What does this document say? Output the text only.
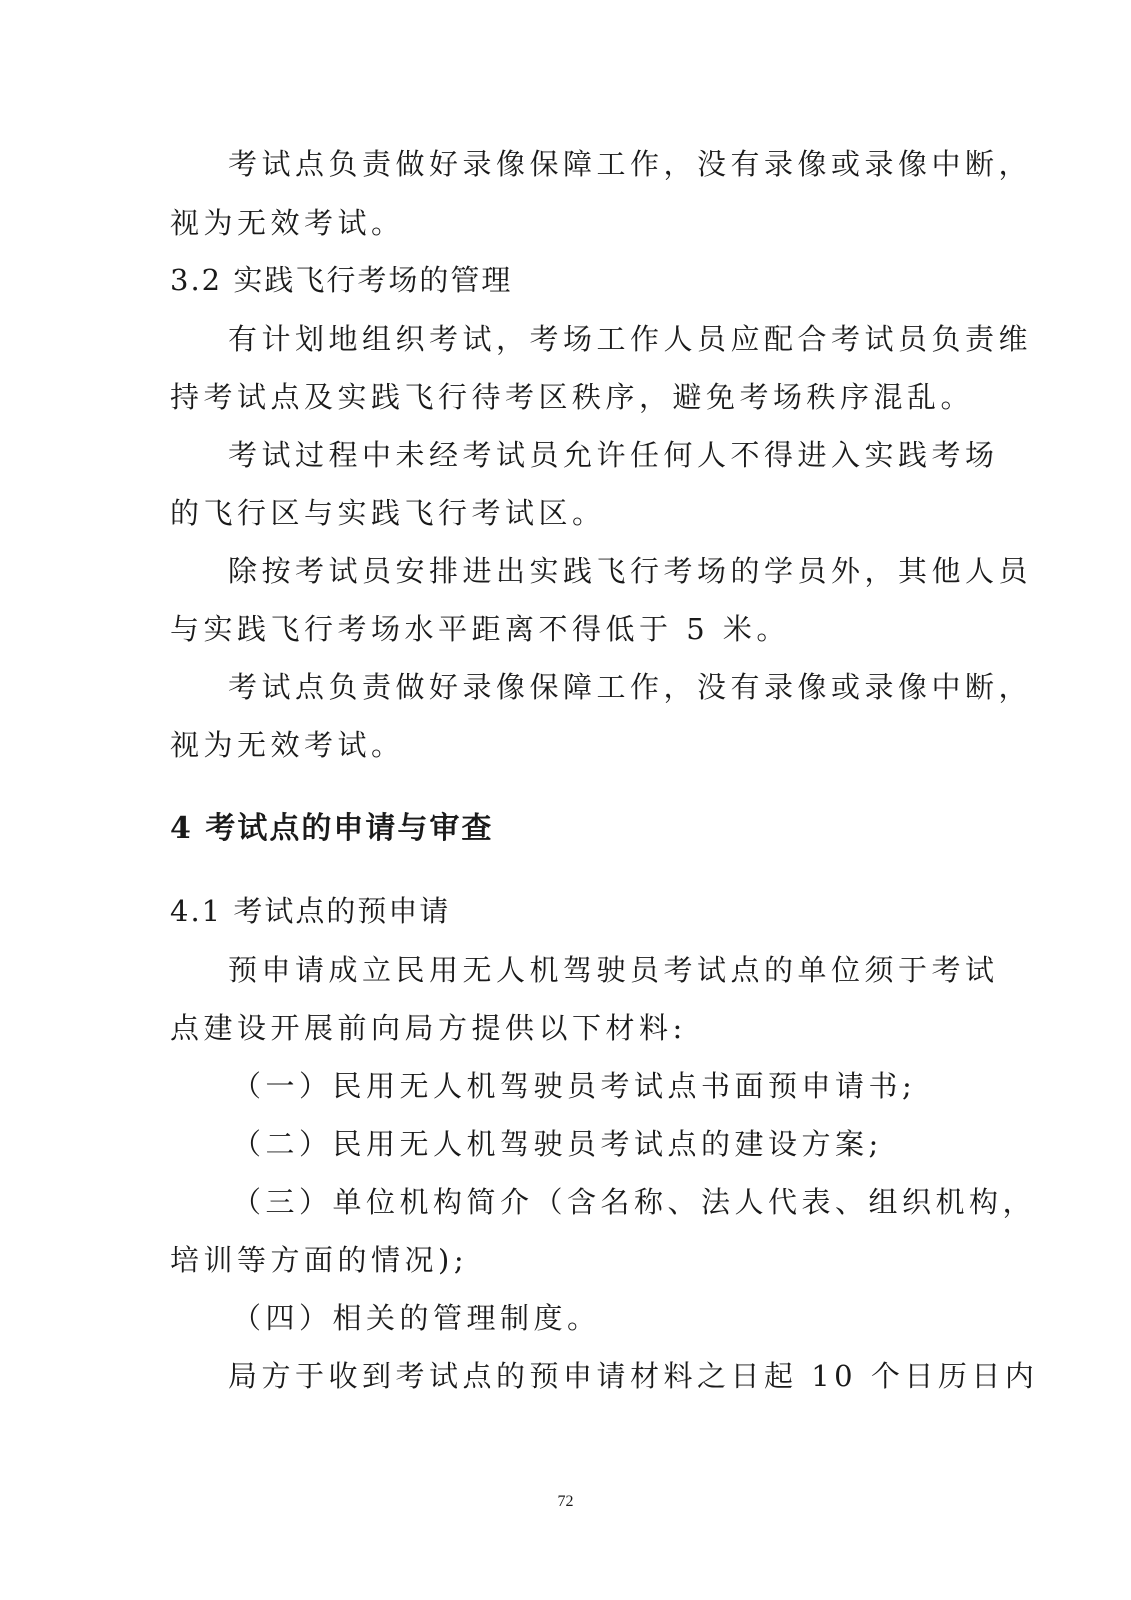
考试点负责做好录像保障工作，没有录像或录像中断，
视为无效考试。
3.2 实践飞行考场的管理
有计划地组织考试，考场工作人员应配合考试员负责维
持考试点及实践飞行待考区秩序，避免考场秩序混乱。
考试过程中未经考试员允许任何人不得进入实践考场
的飞行区与实践飞行考试区。
除按考试员安排进出实践飞行考场的学员外，其他人员
与实践飞行考场水平距离不得低于 5 米。
考试点负责做好录像保障工作，没有录像或录像中断，
视为无效考试。
4 考试点的申请与审查
4.1 考试点的预申请
预申请成立民用无人机驾驶员考试点的单位须于考试
点建设开展前向局方提供以下材料:
（一）民用无人机驾驶员考试点书面预申请书;
（二）民用无人机驾驶员考试点的建设方案;
（三）单位机构简介（含名称、法人代表、组织机构，
培训等方面的情况);
（四）相关的管理制度。
局方于收到考试点的预申请材料之日起 10 个日历日内
72
